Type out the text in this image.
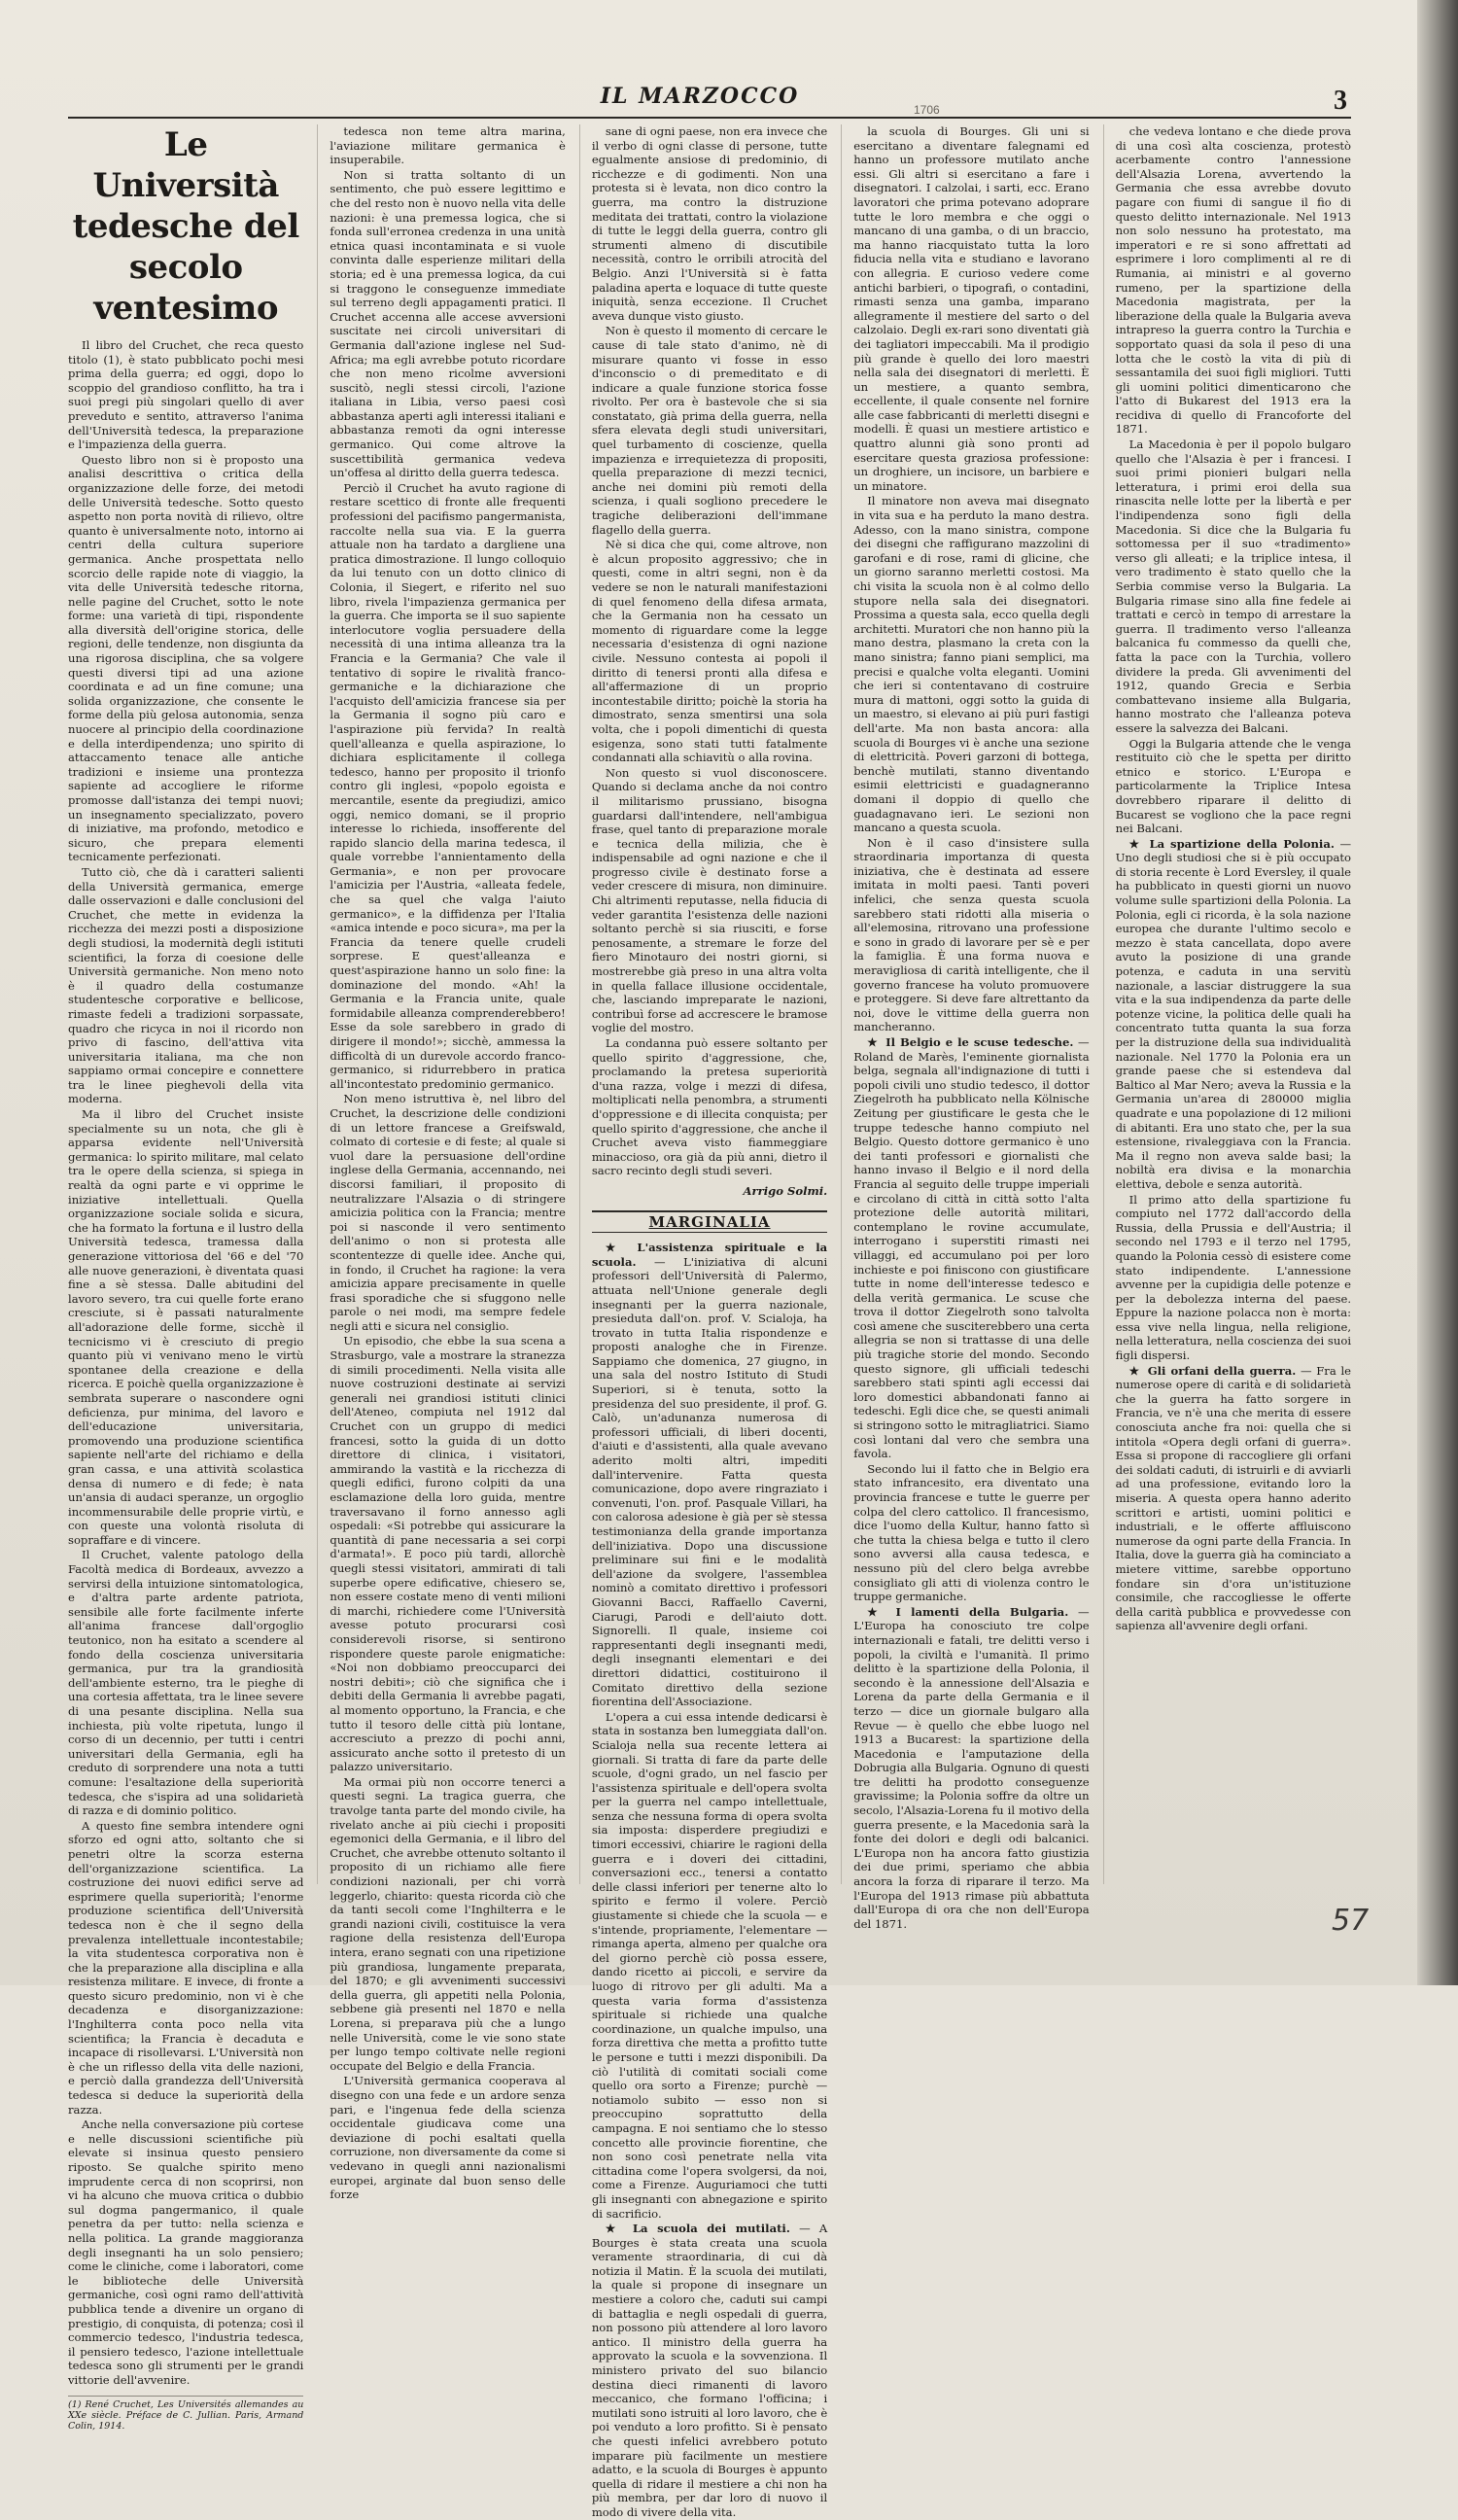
IL MARZOCCO
1706	3
Le Università tedesche del secolo ventesimo

Il libro del Cruchet, che reca questo titolo (1), è stato pubblicato pochi mesi prima della guerra; ed oggi, dopo lo scoppio del grandioso conflitto, ha tra i suoi pregi più singolari quello di aver preveduto e sentito, attraverso l'anima dell'Università tedesca, la preparazione e l'impazienza della guerra.

Questo libro non si è proposto una analisi descrittiva o critica della organizzazione delle forze, dei metodi delle Università tedesche. Sotto questo aspetto non porta novità di rilievo, oltre quanto è universalmente noto, intorno ai centri della cultura superiore germanica. Anche prospettata nello scorcio delle rapide note di viaggio, la vita delle Università tedesche ritorna, nelle pagine del Cruchet, sotto le note forme: una varietà di tipi, rispondente alla diversità dell'origine storica, delle regioni, delle tendenze, non disgiunta da una rigorosa disciplina, che sa volgere questi diversi tipi ad una azione coordinata e ad un fine comune; una solida organizzazione, che consente le forme della più gelosa autonomia, senza nuocere al principio della coordinazione e della interdipendenza; uno spirito di attaccamento tenace alle antiche tradizioni e insieme una prontezza sapiente ad accogliere le riforme promosse dall'istanza dei tempi nuovi; un insegnamento specializzato, povero di iniziative, ma profondo, metodico e sicuro, che prepara elementi tecnicamente perfezionati.

Tutto ciò, che dà i caratteri salienti della Università germanica, emerge dalle osservazioni e dalle conclusioni del Cruchet, che mette in evidenza la ricchezza dei mezzi posti a disposizione degli studiosi, la modernità degli istituti scientifici, la forza di coesione delle Università germaniche. Non meno noto è il quadro della costumanze studentesche corporative e bellicose, rimaste fedeli a tradizioni sorpassate, quadro che ricyca in noi il ricordo non privo di fascino, dell'attiva vita universitaria italiana, ma che non sappiamo ormai concepire e connettere tra le linee pieghevoli della vita moderna.

Ma il libro del Cruchet insiste specialmente su un nota, che gli è apparsa evidente nell'Università germanica: lo spirito militare, mal celato tra le opere della scienza, si spiega in realtà da ogni parte e vi opprime le iniziative intellettuali. Quella organizzazione sociale solida e sicura, che ha formato la fortuna e il lustro della Università tedesca, tramessa dalla generazione vittoriosa del '66 e del '70 alle nuove generazioni, è diventata quasi fine a sè stessa. Dalle abitudini del lavoro severo, tra cui quelle forte erano cresciute, si è passati naturalmente all'adorazione delle forme, sicchè il tecnicismo vi è cresciuto di pregio quanto più vi venivano meno le virtù spontanee della creazione e della ricerca. E poichè quella organizzazione è sembrata superare o nascondere ogni deficienza, pur minima, del lavoro e dell'educazione universitaria, promovendo una produzione scientifica sapiente nell'arte del richiamo e della gran cassa, e una attività scolastica densa di numero e di fede; è nata un'ansia di audaci speranze, un orgoglio incommensurabile delle proprie virtù, e con queste una volontà risoluta di sopraffare e di vincere.

Il Cruchet, valente patologo della Facoltà medica di Bordeaux, avvezzo a servirsi della intuizione sintomatologica, e d'altra parte ardente patriota, sensibile alle forte facilmente inferte all'anima francese dall'orgoglio teutonico, non ha esitato a scendere al fondo della coscienza universitaria germanica, pur tra la grandiosità dell'ambiente esterno, tra le pieghe di una cortesia affettata, tra le linee severe di una pesante disciplina. Nella sua inchiesta, più volte ripetuta, lungo il corso di un decennio, per tutti i centri universitari della Germania, egli ha creduto di sorprendere una nota a tutti comune: l'esaltazione della superiorità tedesca, che s'ispira ad una solidarietà di razza e di dominio politico.

A questo fine sembra intendere ogni sforzo ed ogni atto, soltanto che si penetri oltre la scorza esterna dell'organizzazione scientifica. La costruzione dei nuovi edifici serve ad esprimere quella superiorità; l'enorme produzione scientifica dell'Università tedesca non è che il segno della prevalenza intellettuale incontestabile; la vita studentesca corporativa non è che la preparazione alla disciplina e alla resistenza militare. E invece, di fronte a questo sicuro predominio, non vi è che decadenza e disorganizzazione: l'Inghilterra conta poco nella vita scientifica; la Francia è decaduta e incapace di risollevarsi. L'Università non è che un riflesso della vita delle nazioni, e perciò dalla grandezza dell'Università tedesca si deduce la superiorità della razza.

Anche nella conversazione più cortese e nelle discussioni scientifiche più elevate si insinua questo pensiero riposto. Se qualche spirito meno imprudente cerca di non scoprirsi, non vi ha alcuno che muova critica o dubbio sul dogma pangermanico, il quale penetra da per tutto: nella scienza e nella politica. La grande maggioranza degli insegnanti ha un solo pensiero; come le cliniche, come i laboratori, come le biblioteche delle Università germaniche, così ogni ramo dell'attività pubblica tende a divenire un organo di prestigio, di conquista, di potenza; così il commercio tedesco, l'industria tedesca, il pensiero tedesco, l'azione intellettuale tedesca sono gli strumenti per le grandi vittorie dell'avvenire.

(1) René Cruchet, Les Universités allemandes au XXe siècle. Préface de C. Jullian. Paris, Armand Colin, 1914.

tedesca non teme altra marina, l'aviazione militare germanica è insuperabile.

Non si tratta soltanto di un sentimento, che può essere legittimo e che del resto non è nuovo nella vita delle nazioni: è una premessa logica, che si fonda sull'erronea credenza in una unità etnica quasi incontaminata e si vuole convinta dalle esperienze militari della storia; ed è una premessa logica, da cui si traggono le conseguenze immediate sul terreno degli appagamenti pratici. Il Cruchet accenna alle accese avversioni suscitate nei circoli universitari di Germania dall'azione inglese nel Sud-Africa; ma egli avrebbe potuto ricordare che non meno ricolme avversioni suscitò, negli stessi circoli, l'azione italiana in Libia, verso paesi così abbastanza aperti agli interessi italiani e abbastanza remoti da ogni interesse germanico. Qui come altrove la suscettibilità germanica vedeva un'offesa al diritto della guerra tedesca.

Perciò il Cruchet ha avuto ragione di restare scettico di fronte alle frequenti professioni del pacifismo pangermanista, raccolte nella sua via. E la guerra attuale non ha tardato a dargliene una pratica dimostrazione. Il lungo colloquio da lui tenuto con un dotto clinico di Colonia, il Siegert, e riferito nel suo libro, rivela l'impazienza germanica per la guerra. Che importa se il suo sapiente interlocutore voglia persuadere della necessità di una intima alleanza tra la Francia e la Germania? Che vale il tentativo di sopire le rivalità franco-germaniche e la dichiarazione che l'acquisto dell'amicizia francese sia per la Germania il sogno più caro e l'aspirazione più fervida? In realtà quell'alleanza e quella aspirazione, lo dichiara esplicitamente il collega tedesco, hanno per proposito il trionfo contro gli inglesi, «popolo egoista e mercantile, esente da pregiudizi, amico oggi, nemico domani, se il proprio interesse lo richieda, insofferente del rapido slancio della marina tedesca, il quale vorrebbe l'annientamento della Germania», e non per provocare l'amicizia per l'Austria, «alleata fedele, che sa quel che valga l'aiuto germanico», e la diffidenza per l'Italia «amica intende e poco sicura», ma per la Francia da tenere quelle crudeli sorprese. E quest'alleanza e quest'aspirazione hanno un solo fine: la dominazione del mondo. «Ah! la Germania e la Francia unite, quale formidabile alleanza comprenderebbero! Esse da sole sarebbero in grado di dirigere il mondo!»; sicchè, ammessa la difficoltà di un durevole accordo franco-germanico, si ridurrebbero in pratica all'incontestato predominio germanico.

Non meno istruttiva è, nel libro del Cruchet, la descrizione delle condizioni di un lettore francese a Greifswald, colmato di cortesie e di feste; al quale si vuol dare la persuasione dell'ordine inglese della Germania, accennando, nei discorsi familiari, il proposito di neutralizzare l'Alsazia o di stringere amicizia politica con la Francia; mentre poi si nasconde il vero sentimento dell'animo o non si protesta alle scontentezze di quelle idee. Anche qui, in fondo, il Cruchet ha ragione: la vera amicizia appare precisamente in quelle frasi sporadiche che si sfuggono nelle parole o nei modi, ma sempre fedele negli atti e sicura nel consiglio.

Un episodio, che ebbe la sua scena a Strasburgo, vale a mostrare la stranezza di simili procedimenti. Nella visita alle nuove costruzioni destinate ai servizi generali nei grandiosi istituti clinici dell'Ateneo, compiuta nel 1912 dal Cruchet con un gruppo di medici francesi, sotto la guida di un dotto direttore di clinica, i visitatori, ammirando la vastità e la ricchezza di quegli edifici, furono colpiti da una esclamazione della loro guida, mentre traversavano il forno annesso agli ospedali: «Si potrebbe qui assicurare la quantità di pane necessaria a sei corpi d'armata!». E poco più tardi, allorchè quegli stessi visitatori, ammirati di tali superbe opere edificative, chiesero se, non essere costate meno di venti milioni di marchi, richiedere come l'Università avesse potuto procurarsi così considerevoli risorse, si sentirono rispondere queste parole enigmatiche: «Noi non dobbiamo preoccuparci dei nostri debiti»; ciò che significa che i debiti della Germania li avrebbe pagati, al momento opportuno, la Francia, e che tutto il tesoro delle città più lontane, accresciuto a prezzo di pochi anni, assicurato anche sotto il pretesto di un palazzo universitario.

Ma ormai più non occorre tenerci a questi segni. La tragica guerra, che travolge tanta parte del mondo civile, ha rivelato anche ai più ciechi i propositi egemonici della Germania, e il libro del Cruchet, che avrebbe ottenuto soltanto il proposito di un richiamo alle fiere condizioni nazionali, per chi vorrà leggerlo, chiarito: questa ricorda ciò che da tanti secoli come l'Inghilterra e le grandi nazioni civili, costituisce la vera ragione della resistenza dell'Europa intera, erano segnati con una ripetizione più grandiosa, lungamente preparata, del 1870; e gli avvenimenti successivi della guerra, gli appetiti nella Polonia, sebbene già presenti nel 1870 e nella Lorena, si preparava più che a lungo nelle Università, come le vie sono state per lungo tempo coltivate nelle regioni occupate del Belgio e della Francia.

L'Università germanica cooperava al disegno con una fede e un ardore senza pari, e l'ingenua fede della scienza occidentale giudicava come una deviazione di pochi esaltati quella corruzione, non diversamente da come si vedevano in quegli anni nazionalismi europei, arginate dal buon senso delle forze

sane di ogni paese, non era invece che il verbo di ogni classe di persone, tutte egualmente ansiose di predominio, di ricchezze e di godimenti. Non una protesta si è levata, non dico contro la guerra, ma contro la distruzione meditata dei trattati, contro la violazione di tutte le leggi della guerra, contro gli strumenti almeno di discutibile necessità, contro le orribili atrocità del Belgio. Anzi l'Università si è fatta paladina aperta e loquace di tutte queste iniquità, senza eccezione. Il Cruchet aveva dunque visto giusto.

Non è questo il momento di cercare le cause di tale stato d'animo, nè di misurare quanto vi fosse in esso d'inconscio o di premeditato e di indicare a quale funzione storica fosse rivolto. Per ora è bastevole che si sia constatato, già prima della guerra, nella sfera elevata degli studi universitari, quel turbamento di coscienze, quella impazienza e irrequietezza di propositi, quella preparazione di mezzi tecnici, anche nei domini più remoti della scienza, i quali sogliono precedere le tragiche deliberazioni dell'immane flagello della guerra.

Nè si dica che qui, come altrove, non è alcun proposito aggressivo; che in questi, come in altri segni, non è da vedere se non le naturali manifestazioni di quel fenomeno della difesa armata, che la Germania non ha cessato un momento di riguardare come la legge necessaria d'esistenza di ogni nazione civile. Nessuno contesta ai popoli il diritto di tenersi pronti alla difesa e all'affermazione di un proprio incontestabile diritto; poichè la storia ha dimostrato, senza smentirsi una sola volta, che i popoli dimentichi di questa esigenza, sono stati tutti fatalmente condannati alla schiavitù o alla rovina.

Non questo si vuol disconoscere. Quando si declama anche da noi contro il militarismo prussiano, bisogna guardarsi dall'intendere, nell'ambigua frase, quel tanto di preparazione morale e tecnica della milizia, che è indispensabile ad ogni nazione e che il progresso civile è destinato forse a veder crescere di misura, non diminuire. Chi altrimenti reputasse, nella fiducia di veder garantita l'esistenza delle nazioni soltanto perchè si sia riusciti, e forse penosamente, a stremare le forze del fiero Minotauro dei nostri giorni, si mostrerebbe già preso in una altra volta in quella fallace illusione occidentale, che, lasciando impreparate le nazioni, contribuì forse ad accrescere le bramose voglie del mostro.

La condanna può essere soltanto per quello spirito d'aggressione, che, proclamando la pretesa superiorità d'una razza, volge i mezzi di difesa, moltiplicati nella penombra, a strumenti d'oppressione e di illecita conquista; per quello spirito d'aggressione, che anche il Cruchet aveva visto fiammeggiare minaccioso, ora già da più anni, dietro il sacro recinto degli studi severi.

Arrigo Solmi.
MARGINALIA

★ L'assistenza spirituale e la scuola. — L'iniziativa di alcuni professori dell'Università di Palermo, attuata nell'Unione generale degli insegnanti per la guerra nazionale, presieduta dall'on. prof. V. Scialoja, ha trovato in tutta Italia rispondenze e proposti analoghe che in Firenze. Sappiamo che domenica, 27 giugno, in una sala del nostro Istituto di Studi Superiori, si è tenuta, sotto la presidenza del suo presidente, il prof. G. Calò, un'adunanza numerosa di professori ufficiali, di liberi docenti, d'aiuti e d'assistenti, alla quale avevano aderito molti altri, impediti dall'intervenire. Fatta questa comunicazione, dopo avere ringraziato i convenuti, l'on. prof. Pasquale Villari, ha con calorosa adesione è già per sè stessa testimonianza della grande importanza dell'iniziativa. Dopo una discussione preliminare sui fini e le modalità dell'azione da svolgere, l'assemblea nominò a comitato direttivo i professori Giovanni Bacci, Raffaello Caverni, Ciarugi, Parodi e dell'aiuto dott. Signorelli. Il quale, insieme coi rappresentanti degli insegnanti medi, degli insegnanti elementari e dei direttori didattici, costituirono il Comitato direttivo della sezione fiorentina dell'Associazione.

L'opera a cui essa intende dedicarsi è stata in sostanza ben lumeggiata dall'on. Scialoja nella sua recente lettera ai giornali. Si tratta di fare da parte delle scuole, d'ogni grado, un nel fascio per l'assistenza spirituale e dell'opera svolta per la guerra nel campo intellettuale, senza che nessuna forma di opera svolta sia imposta: disperdere pregiudizi e timori eccessivi, chiarire le ragioni della guerra e i doveri dei cittadini, conversazioni ecc., tenersi a contatto delle classi inferiori per tenerne alto lo spirito e fermo il volere. Perciò giustamente si chiede che la scuola — e s'intende, propriamente, l'elementare — rimanga aperta, almeno per qualche ora del giorno perchè ciò possa essere, dando ricetto ai piccoli, e servire da luogo di ritrovo per gli adulti. Ma a questa varia forma d'assistenza spirituale si richiede una qualche coordinazione, un qualche impulso, una forza direttiva che metta a profitto tutte le persone e tutti i mezzi disponibili. Da ciò l'utilità di comitati sociali come quello ora sorto a Firenze; purchè — notiamolo subito — esso non si preoccupino soprattutto della campagna. E noi sentiamo che lo stesso concetto alle provincie fiorentine, che non sono così penetrate nella vita cittadina come l'opera svolgersi, da noi, come a Firenze. Auguriamoci che tutti gli insegnanti con abnegazione e spirito di sacrificio.

★ La scuola dei mutilati. — A Bourges è stata creata una scuola veramente straordinaria, di cui dà notizia il Matin. È la scuola dei mutilati, la quale si propone di insegnare un mestiere a coloro che, caduti sui campi di battaglia e negli ospedali di guerra, non possono più attendere al loro lavoro antico. Il ministro della guerra ha approvato la scuola e la sovvenziona. Il ministero privato del suo bilancio destina dieci rimanenti di lavoro meccanico, che formano l'officina; i mutilati sono istruiti al loro lavoro, che è poi venduto a loro profitto. Si è pensato che questi infelici avrebbero potuto imparare più facilmente un mestiere adatto, e la scuola di Bourges è appunto quella di ridare il mestiere a chi non ha più membra, per dar loro di nuovo il modo di vivere della vita.

la scuola di Bourges. Gli uni si esercitano a diventare falegnami ed hanno un professore mutilato anche essi. Gli altri si esercitano a fare i disegnatori. I calzolai, i sarti, ecc. Erano lavoratori che prima potevano adoprare tutte le loro membra e che oggi o mancano di una gamba, o di un braccio, ma hanno riacquistato tutta la loro fiducia nella vita e studiano e lavorano con allegria. E curioso vedere come antichi barbieri, o tipografi, o contadini, rimasti senza una gamba, imparano allegramente il mestiere del sarto o del calzolaio. Degli ex-rari sono diventati già dei tagliatori impeccabili. Ma il prodigio più grande è quello dei loro maestri nella sala dei disegnatori di merletti. È un mestiere, a quanto sembra, eccellente, il quale consente nel fornire alle case fabbricanti di merletti disegni e modelli. È quasi un mestiere artistico e quattro alunni già sono pronti ad esercitare questa graziosa professione: un droghiere, un incisore, un barbiere e un minatore.

Il minatore non aveva mai disegnato in vita sua e ha perduto la mano destra. Adesso, con la mano sinistra, compone dei disegni che raffigurano mazzolini di garofani e di rose, rami di glicine, che un giorno saranno merletti costosi. Ma chi visita la scuola non è al colmo dello stupore nella sala dei disegnatori. Prossima a questa sala, ecco quella degli architetti. Muratori che non hanno più la mano destra, plasmano la creta con la mano sinistra; fanno piani semplici, ma precisi e qualche volta eleganti. Uomini che ieri si contentavano di costruire mura di mattoni, oggi sotto la guida di un maestro, si elevano ai più puri fastigi dell'arte. Ma non basta ancora: alla scuola di Bourges vi è anche una sezione di elettricità. Poveri garzoni di bottega, benchè mutilati, stanno diventando esimii elettricisti e guadagneranno domani il doppio di quello che guadagnavano ieri. Le sezioni non mancano a questa scuola.

Non è il caso d'insistere sulla straordinaria importanza di questa iniziativa, che è destinata ad essere imitata in molti paesi. Tanti poveri infelici, che senza questa scuola sarebbero stati ridotti alla miseria o all'elemosina, ritrovano una professione e sono in grado di lavorare per sè e per la famiglia. È una forma nuova e meravigliosa di carità intelligente, che il governo francese ha voluto promuovere e proteggere. Si deve fare altrettanto da noi, dove le vittime della guerra non mancheranno.

★ Il Belgio e le scuse tedesche. — Roland de Marès, l'eminente giornalista belga, segnala all'indignazione di tutti i popoli civili uno studio tedesco, il dottor Ziegelroth ha pubblicato nella Kölnische Zeitung per giustificare le gesta che le truppe tedesche hanno compiuto nel Belgio. Questo dottore germanico è uno dei tanti professori e giornalisti che hanno invaso il Belgio e il nord della Francia al seguito delle truppe imperiali e circolano di città in città sotto l'alta protezione delle autorità militari, contemplano le rovine accumulate, interrogano i superstiti rimasti nei villaggi, ed accumulano poi per loro inchieste e poi finiscono con giustificare tutte in nome dell'interesse tedesco e della verità germanica. Le scuse che trova il dottor Ziegelroth sono talvolta così amene che susciterebbero una certa allegria se non si trattasse di una delle più tragiche storie del mondo. Secondo questo signore, gli ufficiali tedeschi sarebbero stati spinti agli eccessi dai loro domestici abbandonati fanno ai tedeschi. Egli dice che, se questi animali si stringono sotto le mitragliatrici. Siamo così lontani dal vero che sembra una favola.

Secondo lui il fatto che in Belgio era stato infrancesito, era diventato una provincia francese e tutte le guerre per colpa del clero cattolico. Il francesismo, dice l'uomo della Kultur, hanno fatto sì che tutta la chiesa belga e tutto il clero sono avversi alla causa tedesca, e nessuno più del clero belga avrebbe consigliato gli atti di violenza contro le truppe germaniche.

★ I lamenti della Bulgaria. — L'Europa ha conosciuto tre colpe internazionali e fatali, tre delitti verso i popoli, la civiltà e l'umanità. Il primo delitto è la spartizione della Polonia, il secondo è la annessione dell'Alsazia e Lorena da parte della Germania e il terzo — dice un giornale bulgaro alla Revue — è quello che ebbe luogo nel 1913 a Bucarest: la spartizione della Macedonia e l'amputazione della Dobrugia alla Bulgaria. Ognuno di questi tre delitti ha prodotto conseguenze gravissime; la Polonia soffre da oltre un secolo, l'Alsazia-Lorena fu il motivo della guerra presente, e la Macedonia sarà la fonte dei dolori e degli odi balcanici. L'Europa non ha ancora fatto giustizia dei due primi, speriamo che abbia ancora la forza di riparare il terzo. Ma l'Europa del 1913 rimase più abbattuta dall'Europa di ora che non dell'Europa del 1871.

che vedeva lontano e che diede prova di una così alta coscienza, protestò acerbamente contro l'annessione dell'Alsazia Lorena, avvertendo la Germania che essa avrebbe dovuto pagare con fiumi di sangue il fio di questo delitto internazionale. Nel 1913 non solo nessuno ha protestato, ma imperatori e re si sono affrettati ad esprimere i loro complimenti al re di Rumania, ai ministri e al governo rumeno, per la spartizione della Macedonia magistrata, per la liberazione della quale la Bulgaria aveva intrapreso la guerra contro la Turchia e sopportato quasi da sola il peso di una lotta che le costò la vita di più di sessantamila dei suoi figli migliori. Tutti gli uomini politici dimenticarono che l'atto di Bukarest del 1913 era la recidiva di quello di Francoforte del 1871.

La Macedonia è per il popolo bulgaro quello che l'Alsazia è per i francesi. I suoi primi pionieri bulgari nella letteratura, i primi eroi della sua rinascita nelle lotte per la libertà e per l'indipendenza sono figli della Macedonia. Si dice che la Bulgaria fu sottomessa per il suo «tradimento» verso gli alleati; e la triplice intesa, il vero tradimento è stato quello che la Serbia commise verso la Bulgaria. La Bulgaria rimase sino alla fine fedele ai trattati e cercò in tempo di arrestare la guerra. Il tradimento verso l'alleanza balcanica fu commesso da quelli che, fatta la pace con la Turchia, vollero dividere la preda. Gli avvenimenti del 1912, quando Grecia e Serbia combattevano insieme alla Bulgaria, hanno mostrato che l'alleanza poteva essere la salvezza dei Balcani.

Oggi la Bulgaria attende che le venga restituito ciò che le spetta per diritto etnico e storico. L'Europa e particolarmente la Triplice Intesa dovrebbero riparare il delitto di Bucarest se vogliono che la pace regni nei Balcani.

★ La spartizione della Polonia. — Uno degli studiosi che si è più occupato di storia recente è Lord Eversley, il quale ha pubblicato in questi giorni un nuovo volume sulle spartizioni della Polonia. La Polonia, egli ci ricorda, è la sola nazione europea che durante l'ultimo secolo e mezzo è stata cancellata, dopo avere avuto la posizione di una grande potenza, e caduta in una servitù nazionale, a lasciar distruggere la sua vita e la sua indipendenza da parte delle potenze vicine, la politica delle quali ha concentrato tutta quanta la sua forza per la distruzione della sua individualità nazionale. Nel 1770 la Polonia era un grande paese che si estendeva dal Baltico al Mar Nero; aveva la Russia e la Germania un'area di 280000 miglia quadrate e una popolazione di 12 milioni di abitanti. Era uno stato che, per la sua estensione, rivaleggiava con la Francia. Ma il regno non aveva salde basi; la nobiltà era divisa e la monarchia elettiva, debole e senza autorità.

Il primo atto della spartizione fu compiuto nel 1772 dall'accordo della Russia, della Prussia e dell'Austria; il secondo nel 1793 e il terzo nel 1795, quando la Polonia cessò di esistere come stato indipendente. L'annessione avvenne per la cupidigia delle potenze e per la debolezza interna del paese. Eppure la nazione polacca non è morta: essa vive nella lingua, nella religione, nella letteratura, nella coscienza dei suoi figli dispersi.

★ Gli orfani della guerra. — Fra le numerose opere di carità e di solidarietà che la guerra ha fatto sorgere in Francia, ve n'è una che merita di essere conosciuta anche fra noi: quella che si intitola «Opera degli orfani di guerra». Essa si propone di raccogliere gli orfani dei soldati caduti, di istruirli e di avviarli ad una professione, evitando loro la miseria. A questa opera hanno aderito scrittori e artisti, uomini politici e industriali, e le offerte affluiscono numerose da ogni parte della Francia. In Italia, dove la guerra già ha cominciato a mietere vittime, sarebbe opportuno fondare sin d'ora un'istituzione consimile, che raccogliesse le offerte della carità pubblica e provvedesse con sapienza all'avvenire degli orfani.

57
